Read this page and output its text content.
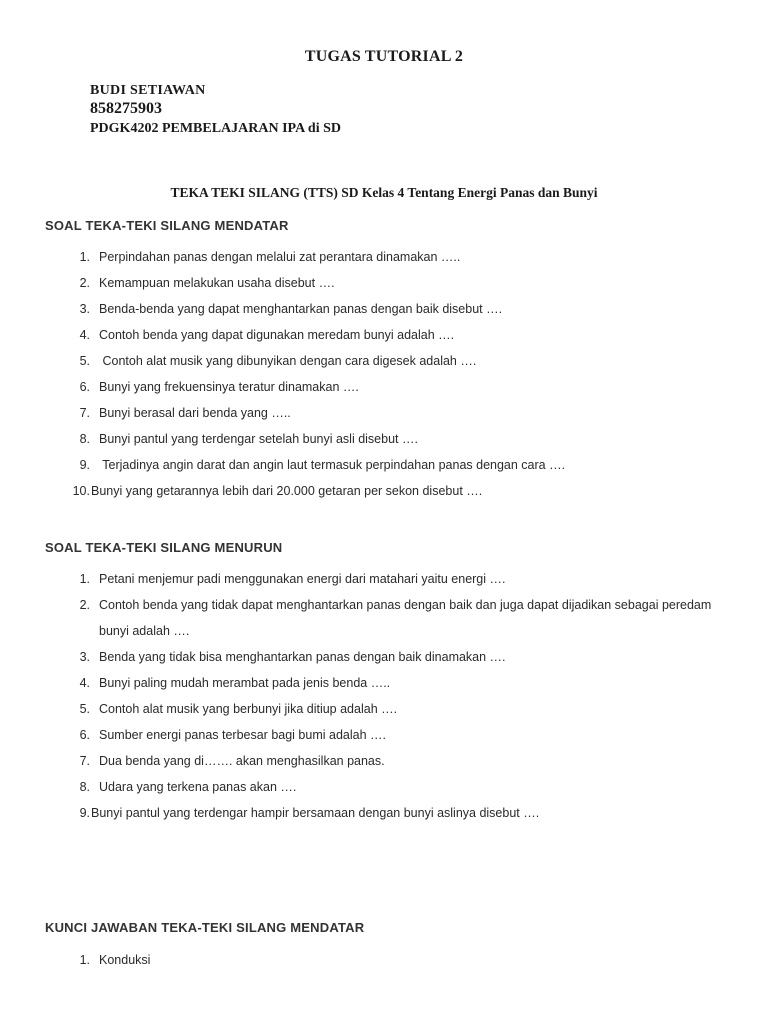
TUGAS TUTORIAL 2
BUDI SETIAWAN
858275903
PDGK4202 PEMBELAJARAN IPA di SD
TEKA TEKI SILANG (TTS) SD Kelas 4 Tentang Energi Panas dan Bunyi
SOAL TEKA-TEKI SILANG MENDATAR
1. Perpindahan panas dengan melalui zat perantara dinamakan …..
2. Kemampuan melakukan usaha disebut ….
3. Benda-benda yang dapat menghantarkan panas dengan baik disebut ….
4. Contoh benda yang dapat digunakan meredam bunyi adalah ….
5. Contoh alat musik yang dibunyikan dengan cara digesek adalah ….
6. Bunyi yang frekuensinya teratur dinamakan ….
7. Bunyi berasal dari benda yang …..
8. Bunyi pantul yang terdengar setelah bunyi asli disebut ….
9. Terjadinya angin darat dan angin laut termasuk perpindahan panas dengan cara ….
10. Bunyi yang getarannya lebih dari 20.000 getaran per sekon disebut ….
SOAL TEKA-TEKI SILANG MENURUN
1. Petani menjemur padi menggunakan energi dari matahari yaitu energi ….
2. Contoh benda yang tidak dapat menghantarkan panas dengan baik dan juga dapat dijadikan sebagai peredam
bunyi adalah ….
3. Benda yang tidak bisa menghantarkan panas dengan baik dinamakan ….
4. Bunyi paling mudah merambat pada jenis benda …..
5. Contoh alat musik yang berbunyi jika ditiup adalah ….
6. Sumber energi panas terbesar bagi bumi adalah ….
7. Dua benda yang di……. akan menghasilkan panas.
8. Udara yang terkena panas akan ….
9. Bunyi pantul yang terdengar hampir bersamaan dengan bunyi aslinya disebut ….
KUNCI JAWABAN TEKA-TEKI SILANG MENDATAR
1. Konduksi
